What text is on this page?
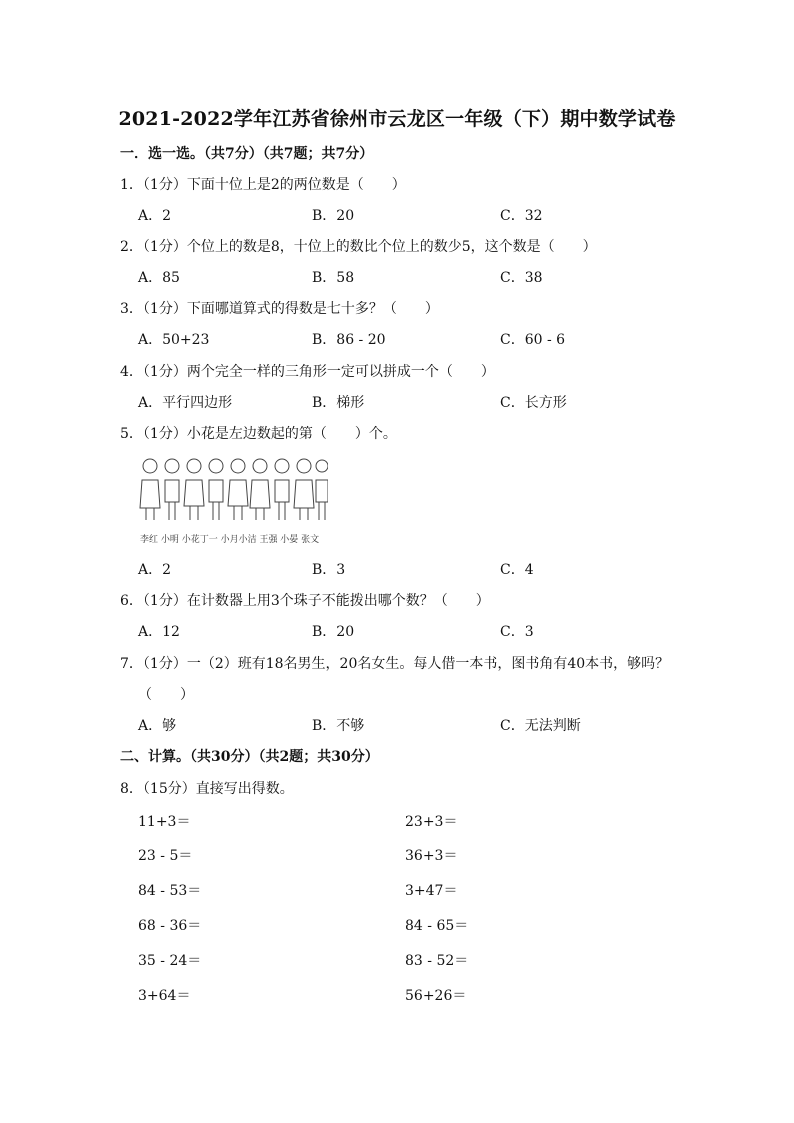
2021-2022学年江苏省徐州市云龙区一年级（下）期中数学试卷
一．选一选。（共7分）（共7题；共7分）
1．（1分）下面十位上是2的两位数是（　　）
A．2	B．20	C．32
2．（1分）个位上的数是8，十位上的数比个位上的数少5，这个数是（　　）
A．85	B．58	C．38
3．（1分）下面哪道算式的得数是七十多？（　　）
A．50+23	B．86 - 20	C．60 - 6
4．（1分）两个完全一样的三角形一定可以拼成一个（　　）
A．平行四边形	B．梯形	C．长方形
5．（1分）小花是左边数起的第（　　）个。
李红 小明 小花丁一 小月小洁 王强 小晏 张文
A．2	B．3	C．4
6．（1分）在计数器上用3个珠子不能拨出哪个数？（　　）
A．12	B．20	C．3
7．（1分）一（2）班有18名男生，20名女生。每人借一本书，图书角有40本书，够吗？
（　　）
A．够	B．不够	C．无法判断
二、计算。（共30分）（共2题；共30分）
8．（15分）直接写出得数。
11+3＝	23+3＝
23 - 5＝	36+3＝
84 - 53＝	3+47＝
68 - 36＝	84 - 65＝
35 - 24＝	83 - 52＝
3+64＝	56+26＝
